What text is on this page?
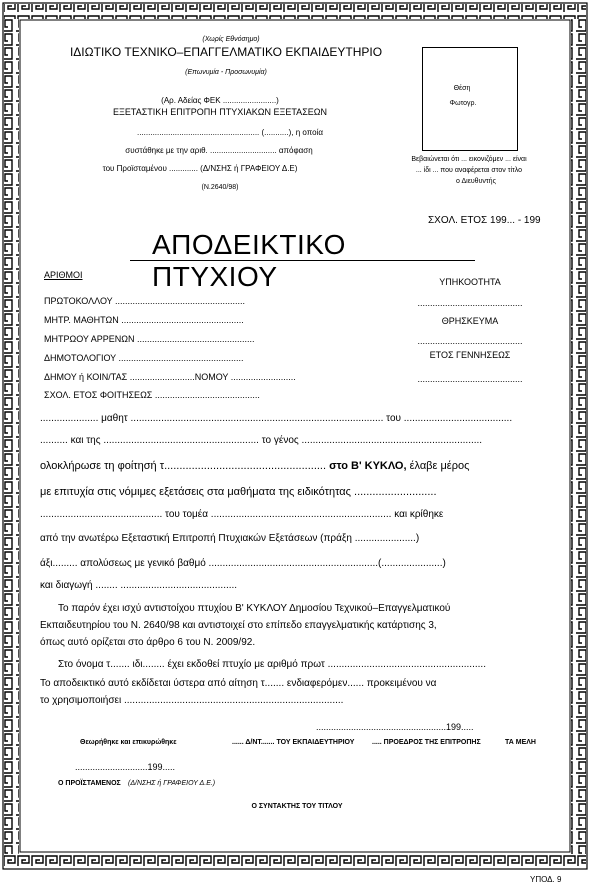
(Χωρίς Εθνόσημο)
ΙΔΙΩΤΙΚΟ ΤΕΧΝΙΚΟ–ΕΠΑΓΓΕΛΜΑΤΙΚΟ ΕΚΠΑΙΔΕΥΤΗΡΙΟ
(Επωνυμία - Προσωνυμία)
(Αρ. Αδείας ΦΕΚ ........................)
ΕΞΕΤΑΣΤΙΚΗ ΕΠΙΤΡΟΠΗ ΠΤΥΧΙΑΚΩΝ ΕΞΕΤΑΣΕΩΝ
....................................................... (...........), η οποία
συστάθηκε με την αριθ. .............................. απόφαση
του Προϊσταμένου ............. (Δ/ΝΣΗΣ ή ΓΡΑΦΕΙΟΥ Δ.Ε)
(Ν.2640/98)
Θέση
Φωτογρ.
Βεβαιώνεται ότι ... εικονιζόμεν ... είναι
... ίδι ... που αναφέρεται στον τίτλο
ο Διευθυντής
ΣΧΟΛ. ΕΤΟΣ 199... - 199
ΑΠΟΔΕΙΚΤΙΚΟ ΠΤΥΧΙΟΥ
ΑΡΙΘΜΟΙ
ΠΡΩΤΟΚΟΛΛΟΥ ....................................................
ΜΗΤΡ. ΜΑΘΗΤΩΝ .................................................
ΜΗΤΡΩΟΥ ΑΡΡΕΝΩΝ ...............................................
ΔΗΜΟΤΟΛΟΓΙΟΥ ..................................................
ΔΗΜΟΥ ή ΚΟΙΝ/ΤΑΣ ..........................ΝΟΜΟΥ ..........................
ΣΧΟΛ. ΕΤΟΣ ΦΟΙΤΗΣΕΩΣ ..........................................
ΥΠΗΚΟΟΤΗΤΑ
..........................................
ΘΡΗΣΚΕΥΜΑ
..........................................
ΕΤΟΣ ΓΕΝΝΗΣΕΩΣ
..........................................
..................... μαθητ ........................................................................................... του .......................................
.......... και της ........................................................ το γένος .................................................................
ολοκλήρωσε τη φοίτησή τ..................................................... στο Β' ΚΥΚΛΟ, έλαβε μέρος
με επιτυχία στις νόμιμες εξετάσεις στα μαθήματα της ειδικότητας ...........................
............................................ του τομέα ................................................................. και κρίθηκε
από την ανωτέρω Εξεταστική Επιτροπή Πτυχιακών Εξετάσεων (πράξη ......................)
άξι......... απολύσεως με γενικό βαθμό .............................................................(......................)
και διαγωγή ........ ..........................................
Το παρόν έχει ισχύ αντιστοίχου πτυχίου Β' ΚΥΚΛΟΥ Δημοσίου Τεχνικού–Επαγγελματικού
Εκπαιδευτηρίου του Ν. 2640/98 και αντιστοιχεί στο επίπεδο επαγγελματικής κατάρτισης 3,
όπως αυτό ορίζεται στο άρθρο 6 του Ν. 2009/92.
Στο όνομα τ....... ιδι........ έχει εκδοθεί πτυχίο με αριθμό πρωτ .........................................................
Το αποδεικτικό αυτό εκδίδεται ύστερα από αίτηση τ....... ενδιαφερόμεν...... προκειμένου να
το χρησιμοποιήσει ...............................................................................
....................................................199.....
Θεωρήθηκε και επικυρώθηκε	...... Δ/ΝΤ....... ΤΟΥ ΕΚΠΑΙΔΕΥΤΗΡΙΟΥ	..... ΠΡΟΕΔΡΟΣ ΤΗΣ ΕΠΙΤΡΟΠΗΣ	ΤΑ ΜΕΛΗ
.............................199.....
Ο ΠΡΟΪΣΤΑΜΕΝΟΣ (Δ/ΝΣΗΣ ή ΓΡΑΦΕΙΟΥ Δ.Ε.)
Ο ΣΥΝΤΑΚΤΗΣ ΤΟΥ ΤΙΤΛΟΥ
ΥΠΟΔ. 9
